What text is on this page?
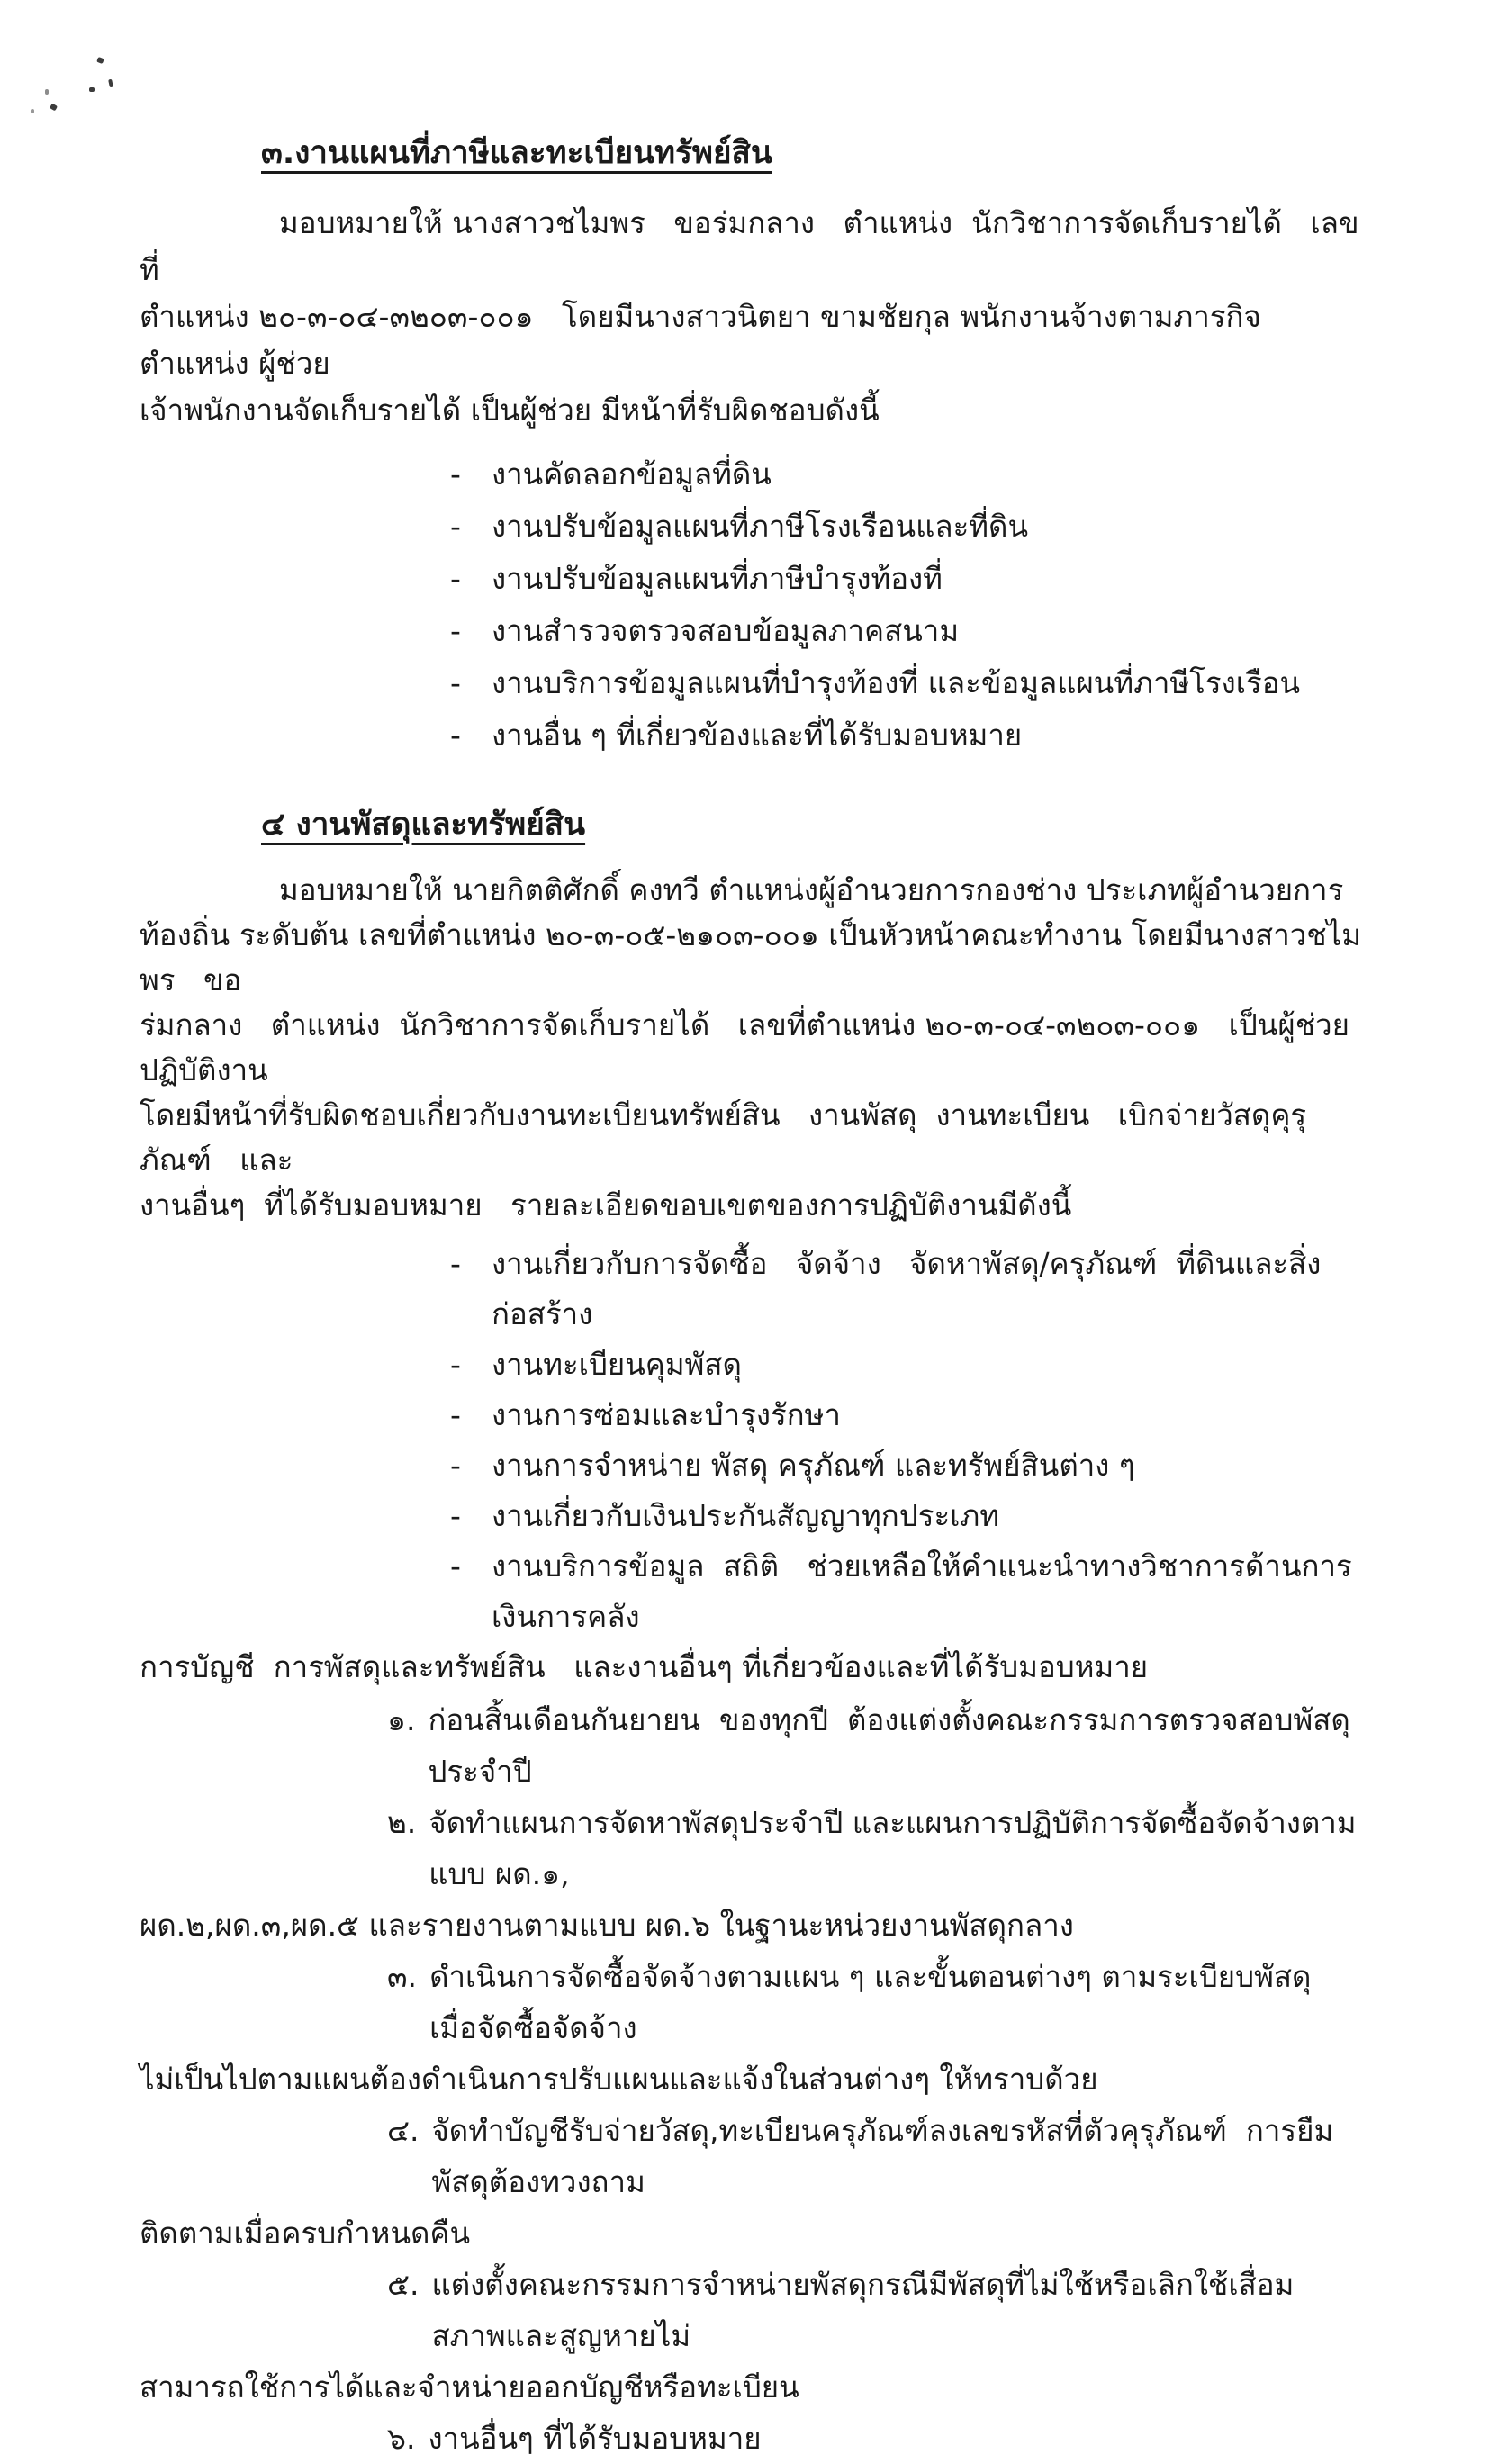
๓.งานแผนที่ภาษีและทะเบียนทรัพย์สิน
มอบหมายให้ นางสาวชไมพร   ขอร่มกลาง   ตำแหน่ง  นักวิชาการจัดเก็บรายได้   เลขที่
ตำแหน่ง ๒๐-๓-๐๔-๓๒๐๓-๐๐๑   โดยมีนางสาวนิตยา ขามชัยกุล พนักงานจ้างตามภารกิจ ตำแหน่ง ผู้ช่วย
เจ้าพนักงานจัดเก็บรายได้ เป็นผู้ช่วย มีหน้าที่รับผิดชอบดังนี้
-	งานคัดลอกข้อมูลที่ดิน
-	งานปรับข้อมูลแผนที่ภาษีโรงเรือนและที่ดิน
-	งานปรับข้อมูลแผนที่ภาษีบำรุงท้องที่
-	งานสำรวจตรวจสอบข้อมูลภาคสนาม
-	งานบริการข้อมูลแผนที่บำรุงท้องที่ และข้อมูลแผนที่ภาษีโรงเรือน
-	งานอื่น ๆ ที่เกี่ยวข้องและที่ได้รับมอบหมาย
๔ งานพัสดุและทรัพย์สิน
มอบหมายให้ นายกิตติศักดิ์ คงทวี ตำแหน่งผู้อำนวยการกองช่าง ประเภทผู้อำนวยการ
ท้องถิ่น ระดับต้น เลขที่ตำแหน่ง ๒๐-๓-๐๕-๒๑๐๓-๐๐๑ เป็นหัวหน้าคณะทำงาน โดยมีนางสาวชไมพร   ขอ
ร่มกลาง   ตำแหน่ง  นักวิชาการจัดเก็บรายได้   เลขที่ตำแหน่ง ๒๐-๓-๐๔-๓๒๐๓-๐๐๑   เป็นผู้ช่วยปฏิบัติงาน
โดยมีหน้าที่รับผิดชอบเกี่ยวกับงานทะเบียนทรัพย์สิน   งานพัสดุ  งานทะเบียน   เบิกจ่ายวัสดุคุรุภัณฑ์   และ
งานอื่นๆ  ที่ได้รับมอบหมาย   รายละเอียดขอบเขตของการปฏิบัติงานมีดังนี้
-	งานเกี่ยวกับการจัดซื้อ   จัดจ้าง   จัดหาพัสดุ/ครุภัณฑ์  ที่ดินและสิ่งก่อสร้าง
-	งานทะเบียนคุมพัสดุ
-	งานการซ่อมและบำรุงรักษา
-	งานการจำหน่าย พัสดุ ครุภัณฑ์ และทรัพย์สินต่าง ๆ
-	งานเกี่ยวกับเงินประกันสัญญาทุกประเภท
-	งานบริการข้อมูล  สถิติ   ช่วยเหลือให้คำแนะนำทางวิชาการด้านการเงินการคลัง
การบัญชี  การพัสดุและทรัพย์สิน   และงานอื่นๆ ที่เกี่ยวข้องและที่ได้รับมอบหมาย
๑. ก่อนสิ้นเดือนกันยายน  ของทุกปี  ต้องแต่งตั้งคณะกรรมการตรวจสอบพัสดุประจำปี
๒. จัดทำแผนการจัดหาพัสดุประจำปี และแผนการปฏิบัติการจัดซื้อจัดจ้างตามแบบ ผด.๑,
ผด.๒,ผด.๓,ผด.๕ และรายงานตามแบบ ผด.๖ ในฐานะหน่วยงานพัสดุกลาง
๓. ดำเนินการจัดซื้อจัดจ้างตามแผน ๆ และขั้นตอนต่างๆ ตามระเบียบพัสดุ   เมื่อจัดซื้อจัดจ้าง
ไม่เป็นไปตามแผนต้องดำเนินการปรับแผนและแจ้งในส่วนต่างๆ ให้ทราบด้วย
๔. จัดทำบัญชีรับจ่ายวัสดุ,ทะเบียนครุภัณฑ์ลงเลขรหัสที่ตัวคุรุภัณฑ์  การยืมพัสดุต้องทวงถาม
ติดตามเมื่อครบกำหนดคืน
๕. แต่งตั้งคณะกรรมการจำหน่ายพัสดุกรณีมีพัสดุที่ไม่ใช้หรือเลิกใช้เสื่อมสภาพและสูญหายไม่
สามารถใช้การได้และจำหน่ายออกบัญชีหรือทะเบียน
๖. งานอื่นๆ ที่ได้รับมอบหมาย
